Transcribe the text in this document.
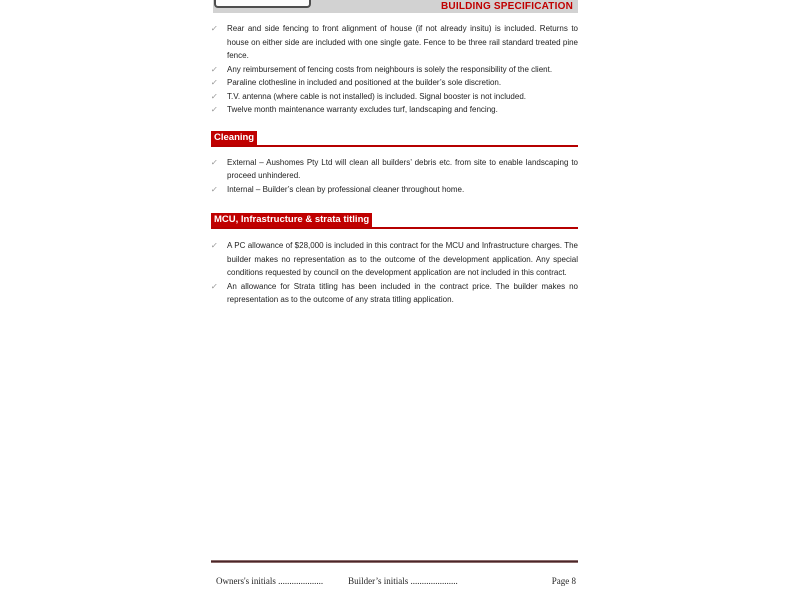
BUILDING SPECIFICATION
✓	Rear and side fencing to front alignment of house (if not already insitu) is included. Returns to house on either side are included with one single gate. Fence to be three rail standard treated pine fence.
✓	Any reimbursement of fencing costs from neighbours is solely the responsibility of the client.
✓	Paraline clothesline in included and positioned at the builder’s sole discretion.
✓	T.V. antenna (where cable is not installed) is included. Signal booster is not included.
✓	Twelve month maintenance warranty excludes turf, landscaping and fencing.
Cleaning
✓	External – Aushomes Pty Ltd will clean all builders’ debris etc. from site to enable landscaping to proceed unhindered.
✓	Internal – Builder’s clean by professional cleaner throughout home.
MCU, Infrastructure & strata titling
✓	A PC allowance of $28,000 is included in this contract for the MCU and Infrastructure charges. The builder makes no representation as to the outcome of the development application. Any special conditions requested by council on the development application are not included in this contract.
✓	An allowance for Strata titling has been included in the contract price. The builder makes no representation as to the outcome of any strata titling application.
Owners's initials ....................	Builder’s initials .....................	Page 8
